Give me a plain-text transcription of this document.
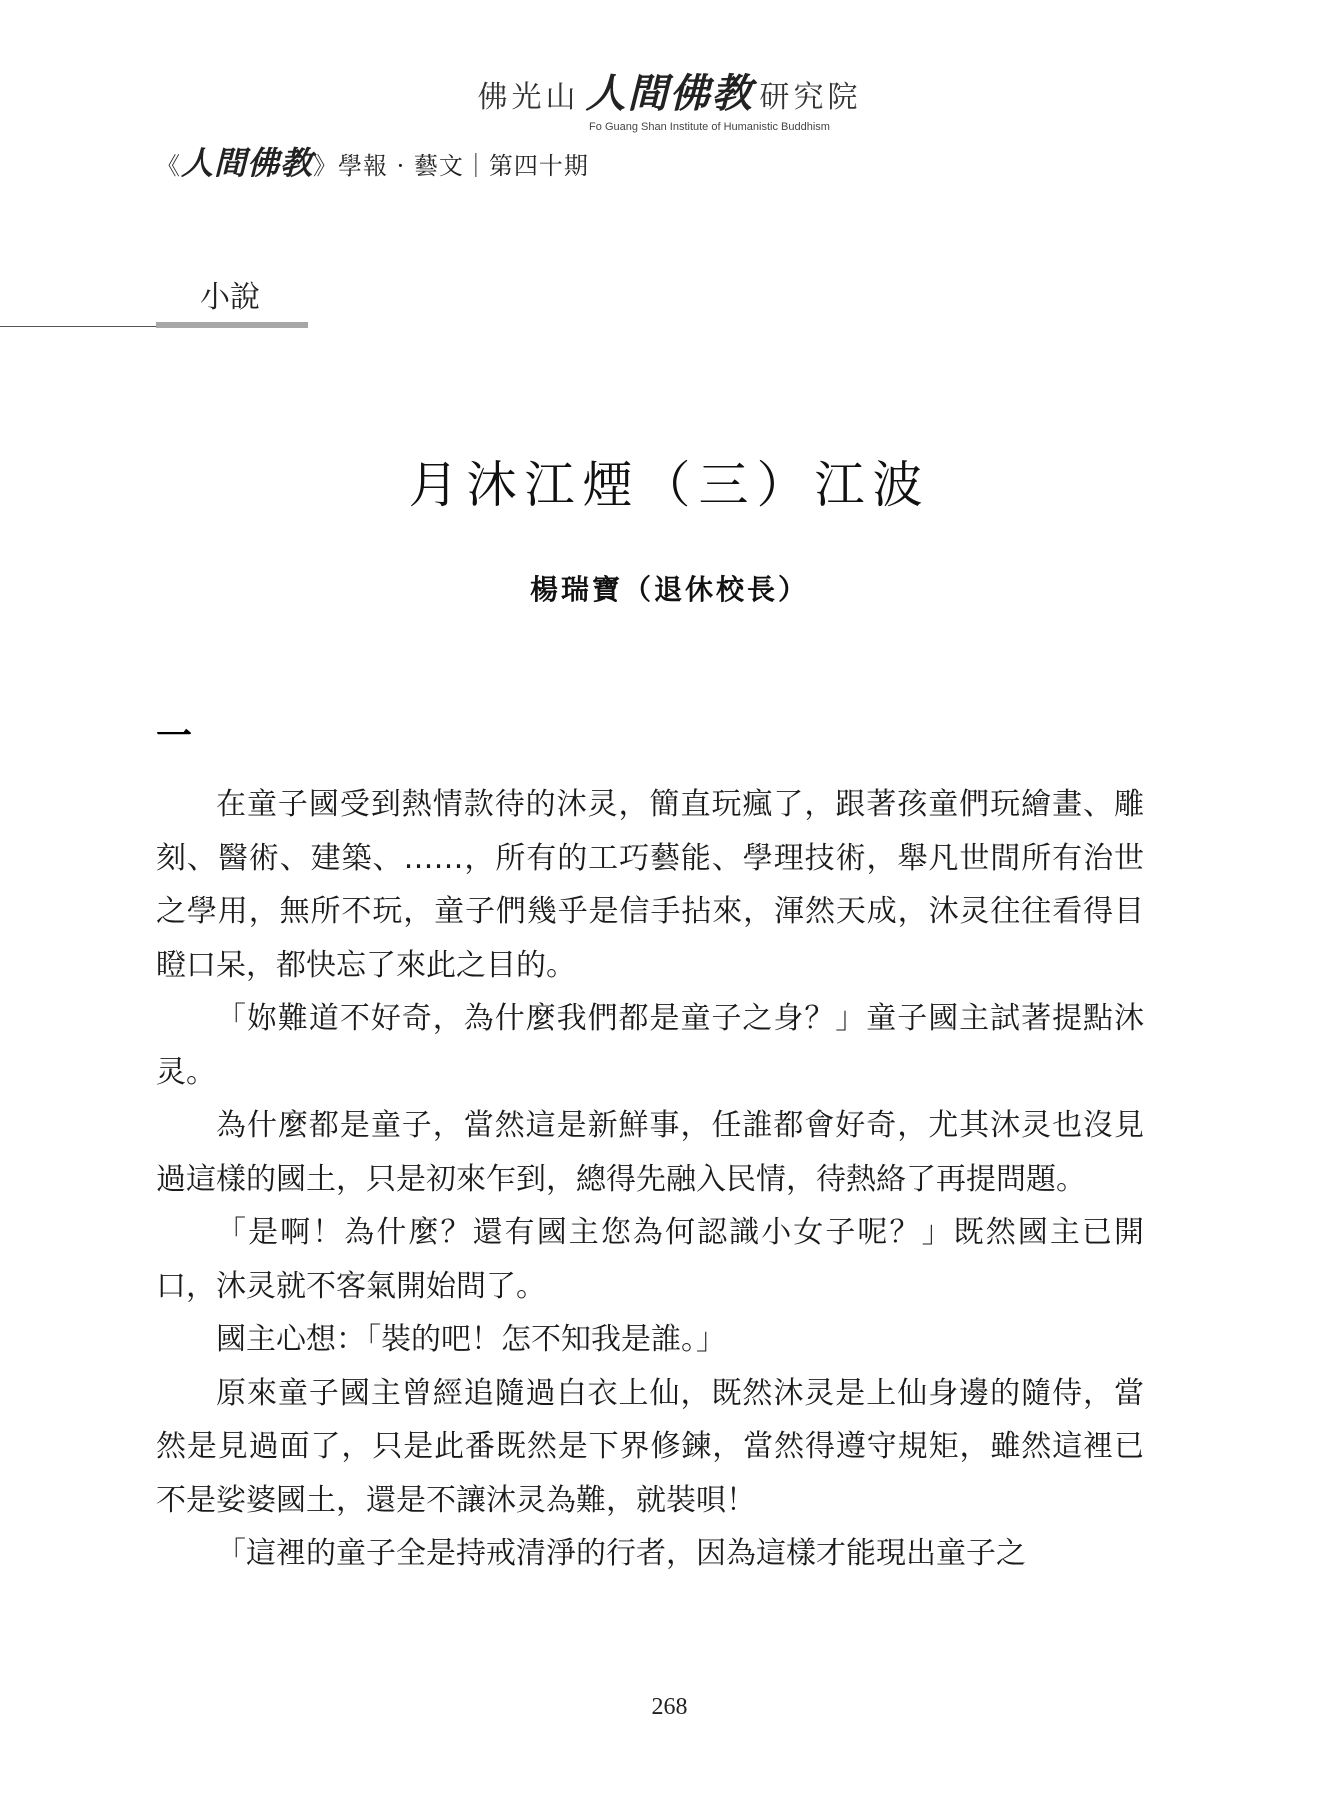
佛光山 人間佛教 研究院
Fo Guang Shan Institute of Humanistic Buddhism
《人間佛教》學報 · 藝文｜第四十期
小說
月沐江煙（三）江波
楊瑞寶（退休校長）
一

在童子國受到熱情款待的沐灵，簡直玩瘋了，跟著孩童們玩繪畫、雕刻、醫術、建築、……，所有的工巧藝能、學理技術，舉凡世間所有治世之學用，無所不玩，童子們幾乎是信手拈來，渾然天成，沐灵往往看得目瞪口呆，都快忘了來此之目的。

「妳難道不好奇，為什麼我們都是童子之身？」童子國主試著提點沐灵。

為什麼都是童子，當然這是新鮮事，任誰都會好奇，尤其沐灵也沒見過這樣的國土，只是初來乍到，總得先融入民情，待熱絡了再提問題。

「是啊！為什麼？還有國主您為何認識小女子呢？」既然國主已開口，沐灵就不客氣開始問了。

國主心想：「裝的吧！怎不知我是誰。」

原來童子國主曾經追隨過白衣上仙，既然沐灵是上仙身邊的隨侍，當然是見過面了，只是此番既然是下界修鍊，當然得遵守規矩，雖然這裡已不是娑婆國土，還是不讓沐灵為難，就裝唄！

「這裡的童子全是持戒清淨的行者，因為這樣才能現出童子之

268
